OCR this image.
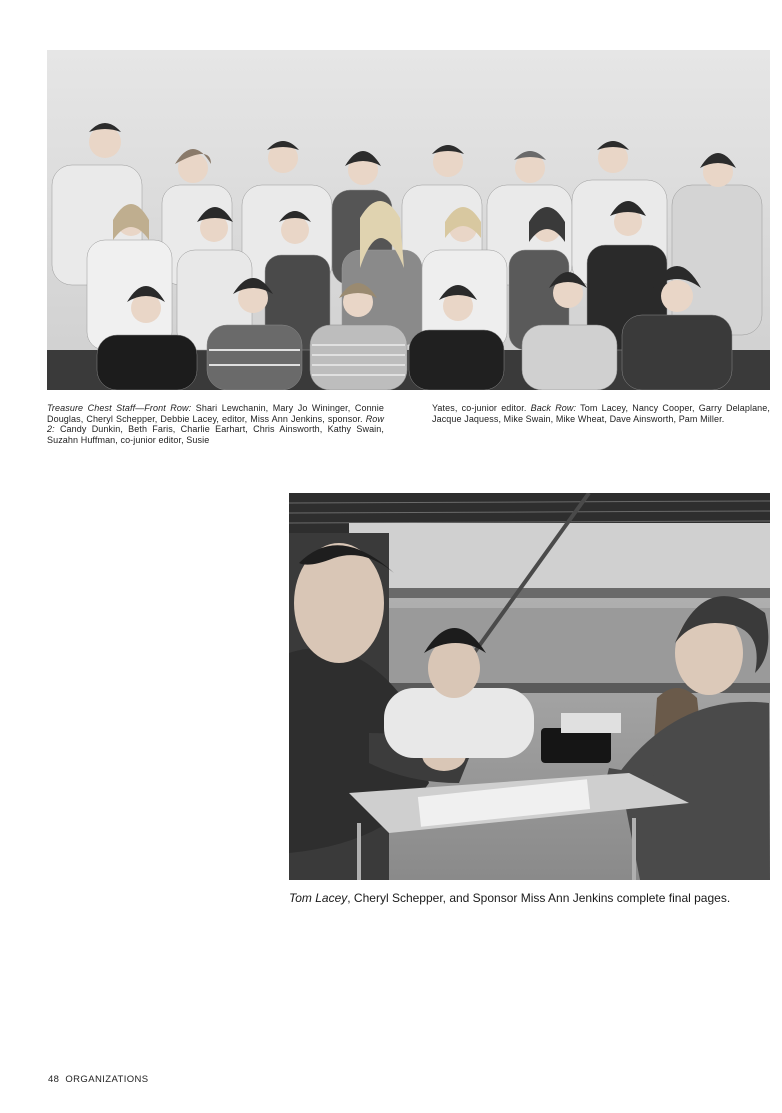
Treasure Chest Staff—Front Row: Shari Lewchanin, Mary Jo Wininger, Connie Douglas, Cheryl Schepper, Debbie Lacey, editor, Miss Ann Jenkins, sponsor. Row 2: Candy Dunkin, Beth Faris, Charlie Earhart, Chris Ainsworth, Kathy Swain, Suzahn Huffman, co-junior editor, Susie
Yates, co-junior editor. Back Row: Tom Lacey, Nancy Cooper, Garry Delaplane, Jacque Jaquess, Mike Swain, Mike Wheat, Dave Ainsworth, Pam Miller.
Tom Lacey, Cheryl Schepper, and Sponsor Miss Ann Jenkins complete final pages.
48 ORGANIZATIONS
